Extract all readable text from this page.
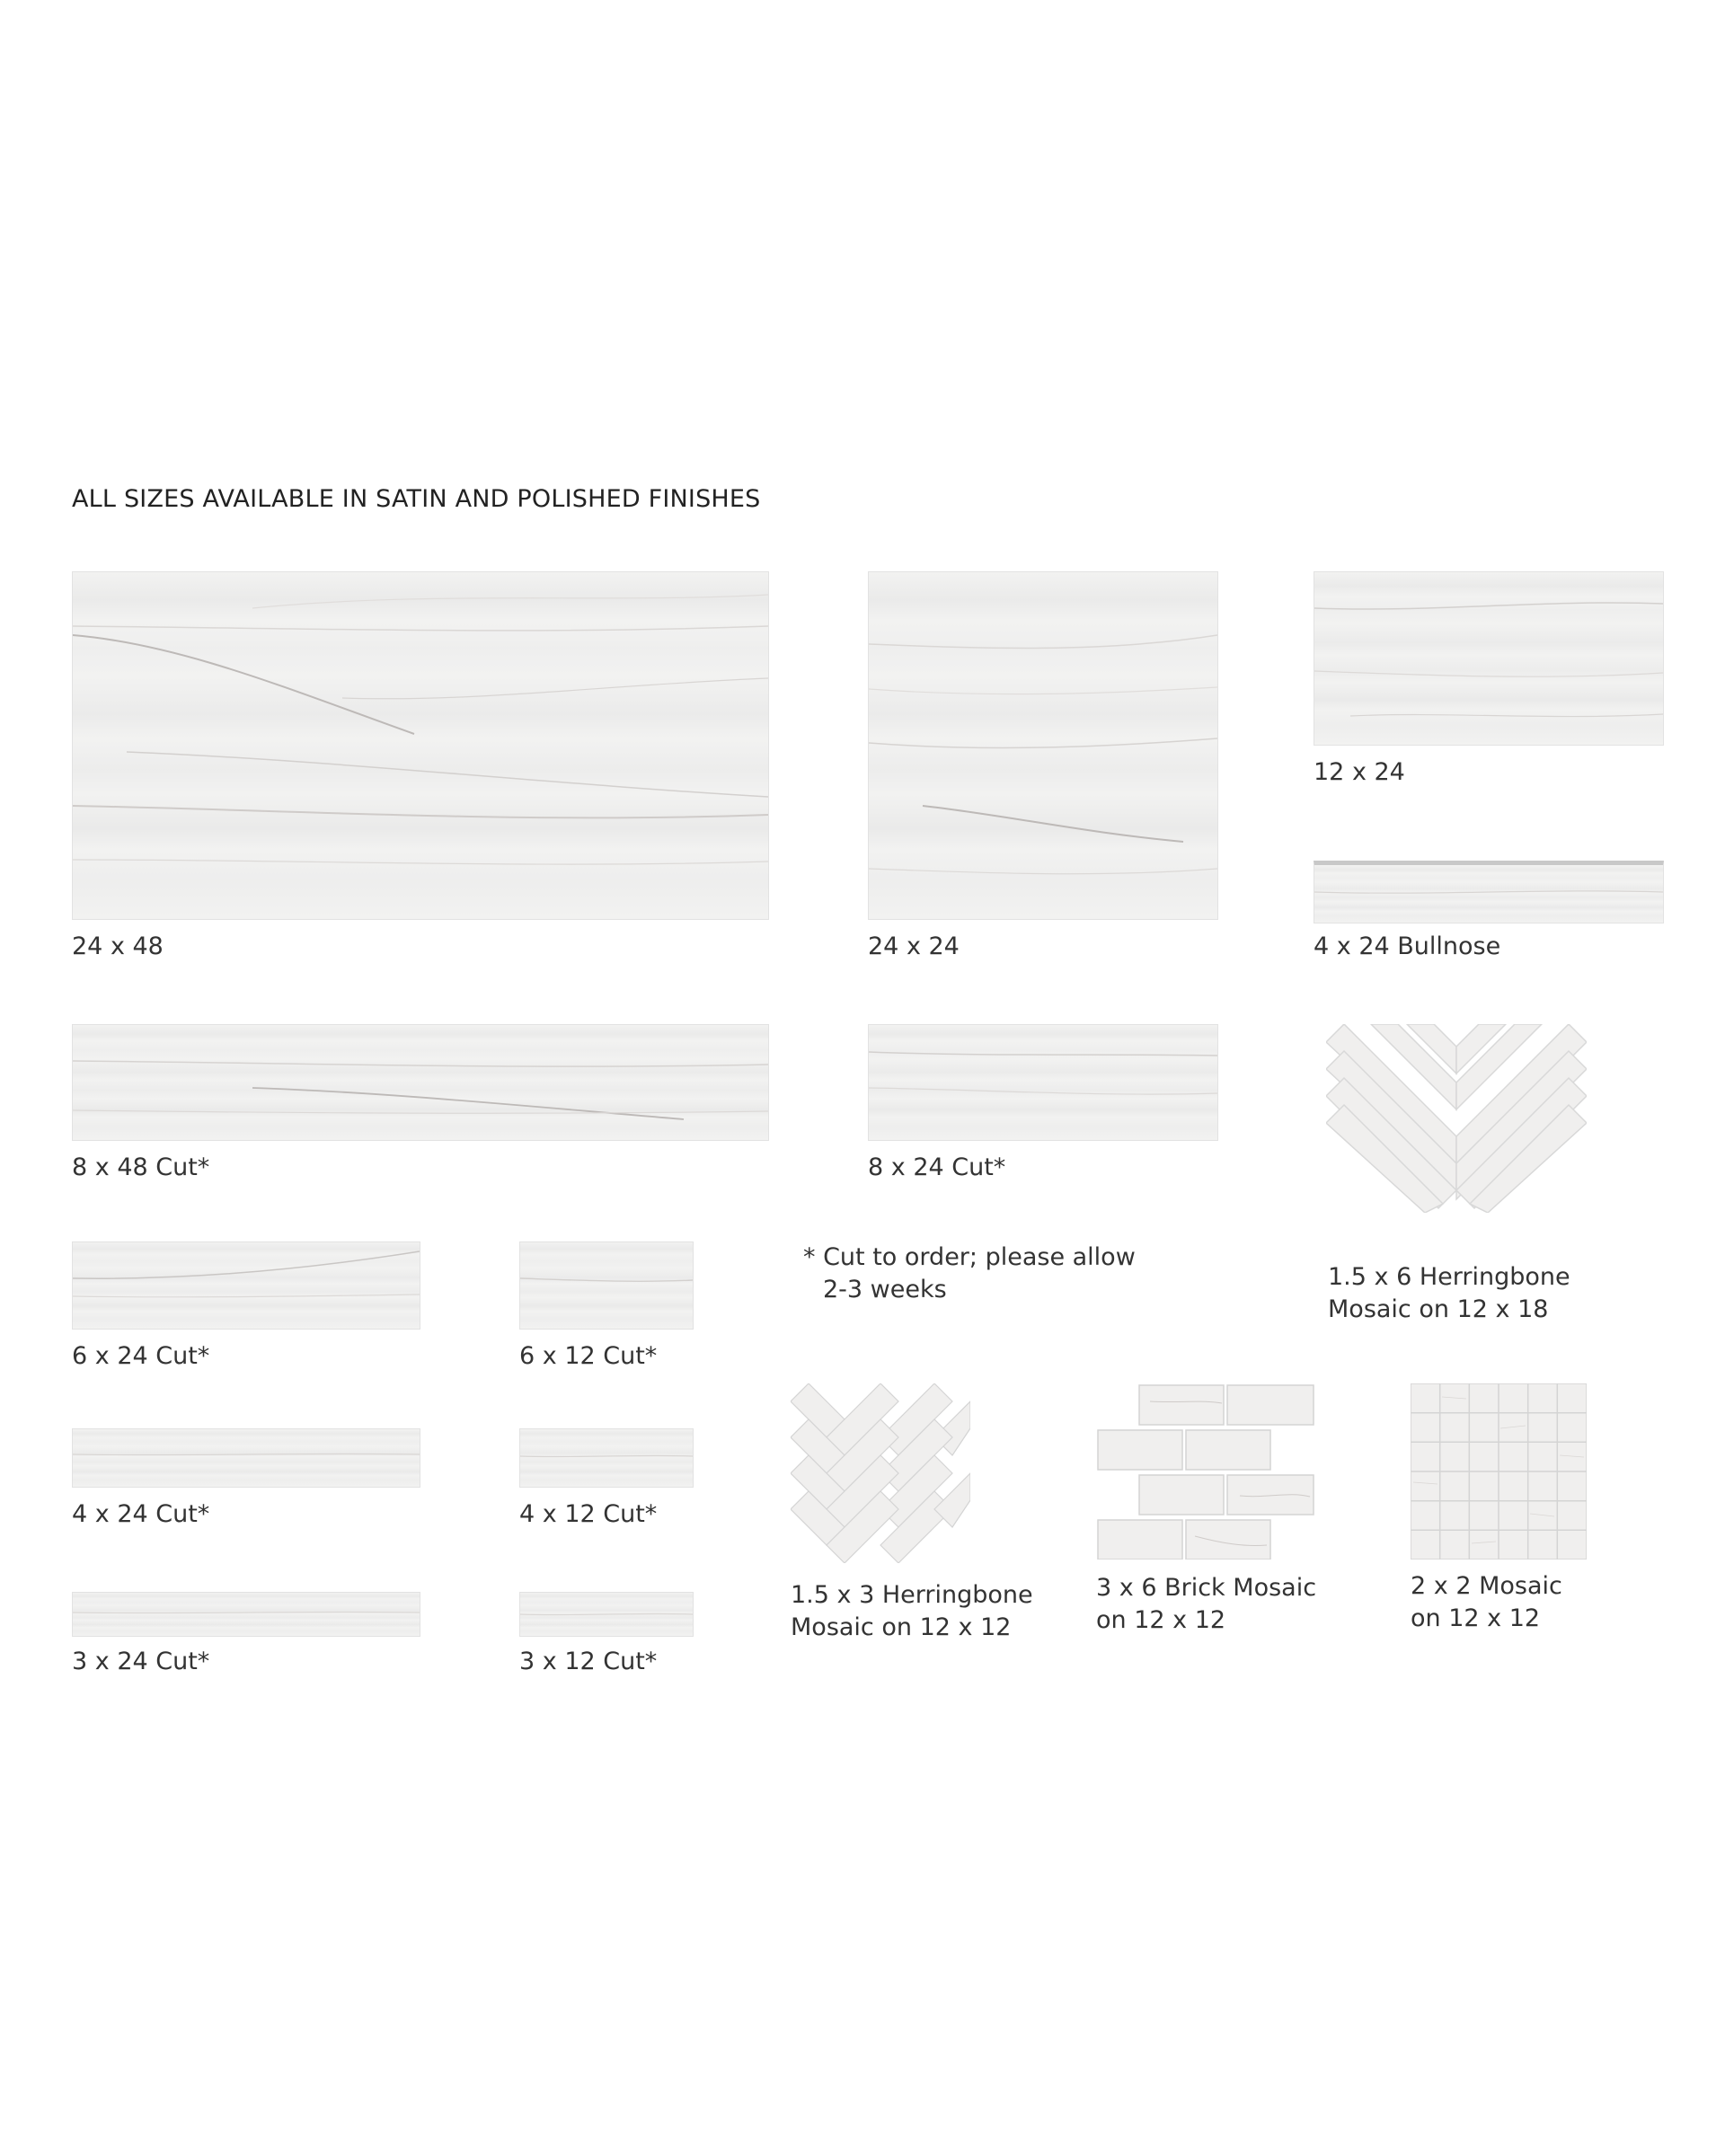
ALL SIZES AVAILABLE IN SATIN AND POLISHED FINISHES
24 x 48	24 x 24
12 x 24
4 x 24 Bullnose
8 x 48 Cut*	8 x 24 Cut*
1.5 x 6 Herringbone
Mosaic on 12 x 18
6 x 24 Cut*	6 x 12 Cut*
* Cut to order; please allow
2-3 weeks
4 x 24 Cut*	4 x 12 Cut*
3 x 24 Cut*	3 x 12 Cut*
1.5 x 3 Herringbone
Mosaic on 12 x 12
3 x 6 Brick Mosaic
on 12 x 12
2 x 2 Mosaic
on 12 x 12
